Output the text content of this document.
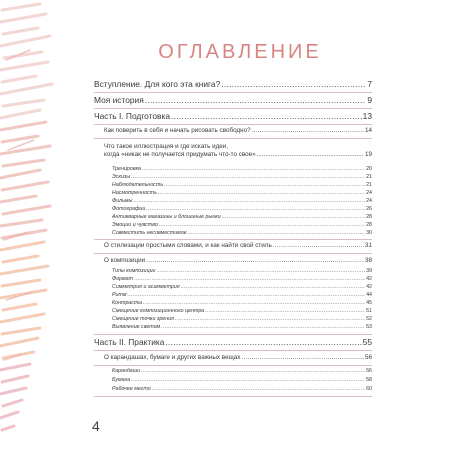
ОГЛАВЛЕНИЕ
Вступление. Для кого эта книга? .....	7
Моя история .....	9
Часть I. Подготовка .....	13
Как поверить в себя и начать рисовать свободно? .....	14
Что такое иллюстрация и где искать идеи,
когда «никак не получается придумать что-то свое» .....	19
Тренировка .....	20
Эскизы .....	21
Наблюдательность .....	21
Насмотренность .....	24
Фильмы .....	24
Фотографии .....	26
Антикварные магазины и блошиные рынки .....	28
Эмоции и чувство .....	28
Совместить несовместимое .....	30
О стилизации простыми словами, и как найти свой стиль .....	31
О композиции .....	38
Типы композиции .....	39
Формат .....	42
Симметрия и асимметрия .....	42
Ритм .....	44
Контрасты .....	45
Смещение композиционного центра .....	51
Смещение точки зрения .....	52
Выявление светом .....	53
Часть II. Практика .....	55
О карандашах, бумаге и других важных вещах .....	56
Карандаши .....	56
Бумага .....	58
Рабочее место .....	60
4
